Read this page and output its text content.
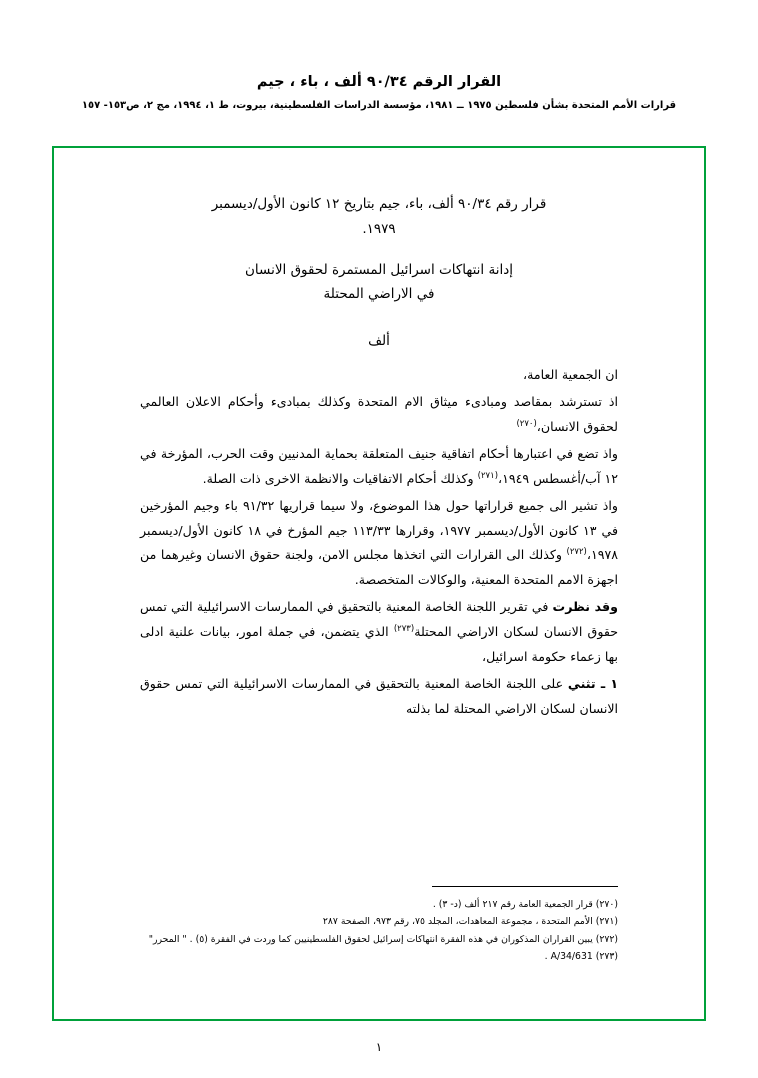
القرار الرقم ٩٠/٣٤ ألف ، باء ، جيم
قرارات الأمم المتحدة بشأن فلسطين ١٩٧٥ ــ ١٩٨١، مؤسسة الدراسات الفلسطينية، بيروت، ط ١، ١٩٩٤، مج ٢، ص١٥٣- ١٥٧
قرار رقم ٩٠/٣٤ ألف، باء، جيم بتاريخ ١٢ كانون الأول/ديسمبر
١٩٧٩.
إدانة انتهاكات اسرائيل المستمرة لحقوق الانسان
في الاراضي المحتلة
ألف

ان الجمعية العامة،

اذ تسترشد بمقاصد ومبادىء ميثاق الام المتحدة وكذلك بمبادىء وأحكام الاعلان العالمي لحقوق الانسان،$^{(٢٧٠)}$

واذ تضع في اعتبارها أحكام اتفاقية جنيف المتعلقة بحماية المدنيين وقت الحرب، المؤرخة في ١٢ آب/أغسطس ١٩٤٩،$^{(٢٧١)}$ وكذلك أحكام الاتفاقيات والانظمة الاخرى ذات الصلة.

واذ تشير الى جميع قراراتها حول هذا الموضوع، ولا سيما قراريها ٩١/٣٢ باء وجيم المؤرخين في ١٣ كانون الأول/ديسمبر ١٩٧٧، وقرارها ١١٣/٣٣ جيم المؤرخ في ١٨ كانون الأول/ديسمبر ١٩٧٨،$^{(٢٧٢)}$ وكذلك الى القرارات التي اتخذها مجلس الامن، ولجنة حقوق الانسان وغيرهما من اجهزة الامم المتحدة المعنية، والوكالات المتخصصة.

وقد نظرت في تقرير اللجنة الخاصة المعنية بالتحقيق في الممارسات الاسرائيلية التي تمس حقوق الانسان لسكان الاراضي المحتلة$^{(٢٧٣)}$ الذي يتضمن، في جملة امور، بيانات علنية ادلى بها زعماء حكومة اسرائيل،

١ ـ تثني على اللجنة الخاصة المعنية بالتحقيق في الممارسات الاسرائيلية التي تمس حقوق الانسان لسكان الاراضي المحتلة لما بذلته

(٢٧٠) قرار الجمعية العامة رقم ٢١٧ ألف (د- ٣) .
(٢٧١) الأمم المتحدة ، مجموعة المعاهدات، المجلد ٧٥، رقم ٩٧٣، الصفحة ٢٨٧
(٢٧٢) يبين القراران المذكوران في هذه الفقرة انتهاكات إسرائيل لحقوق الفلسطينيين كما وردت في الفقرة (٥) . " المحرر"
(٢٧٣) A/34/631 .
١
